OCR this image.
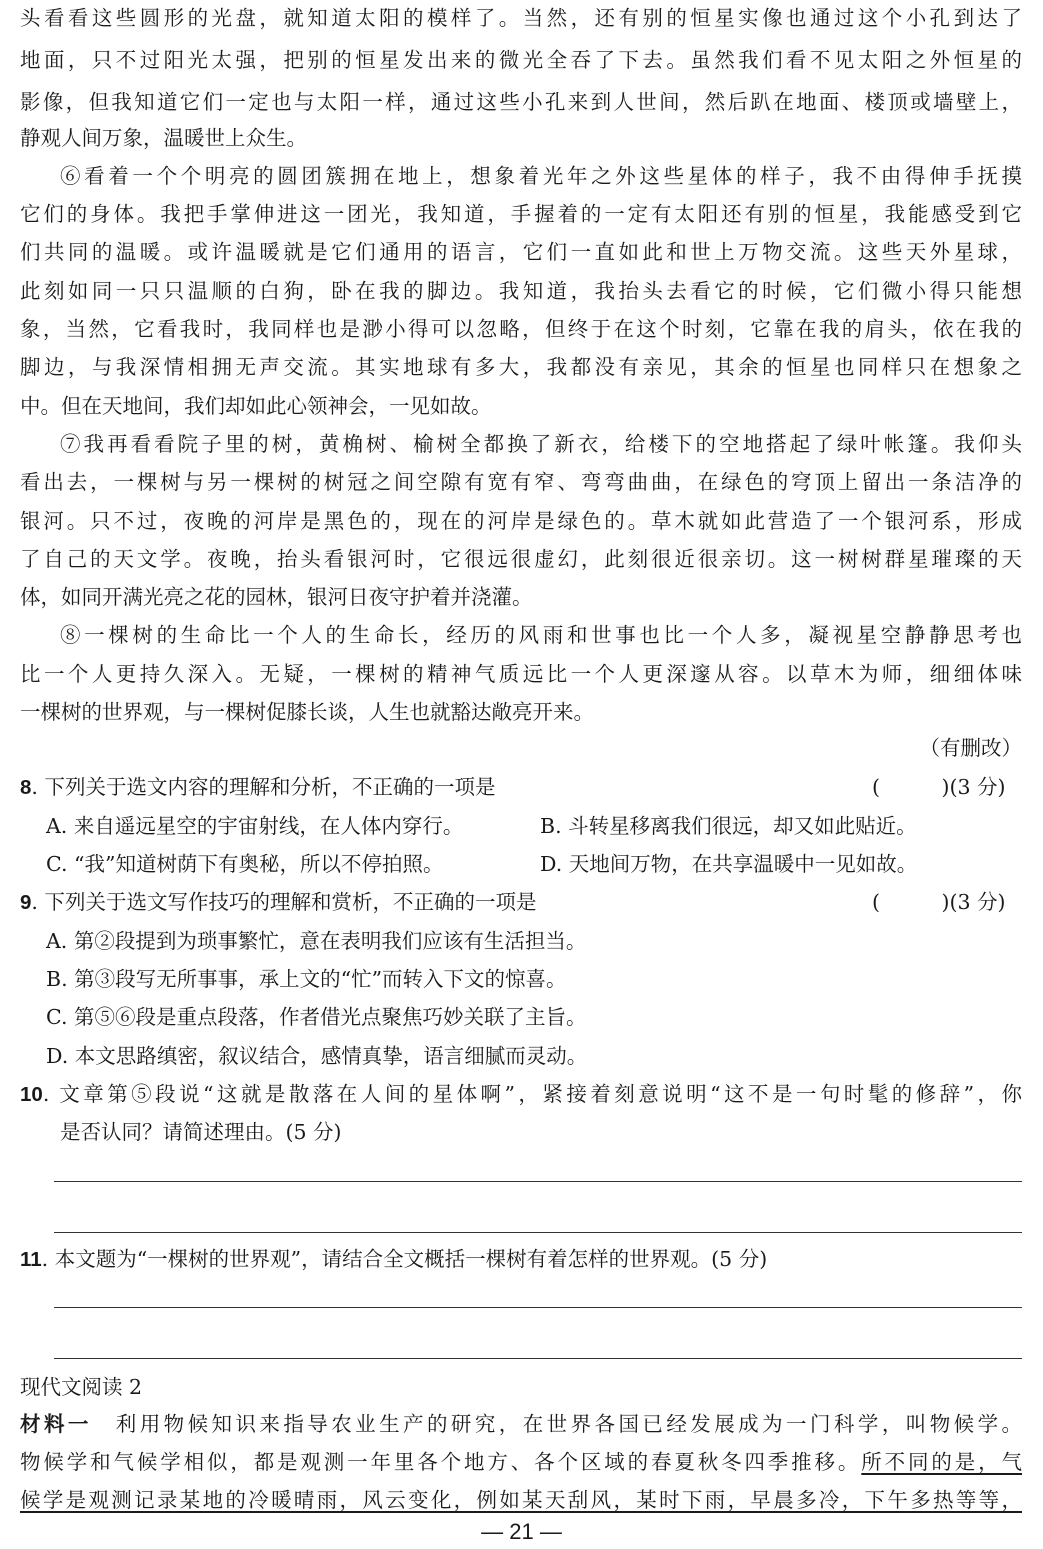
头看看这些圆形的光盘，就知道太阳的模样了。当然，还有别的恒星实像也通过这个小孔到达了
地面，只不过阳光太强，把别的恒星发出来的微光全吞了下去。虽然我们看不见太阳之外恒星的
影像，但我知道它们一定也与太阳一样，通过这些小孔来到人世间，然后趴在地面、楼顶或墙壁上，
静观人间万象，温暖世上众生。
⑥看着一个个明亮的圆团簇拥在地上，想象着光年之外这些星体的样子，我不由得伸手抚摸
它们的身体。我把手掌伸进这一团光，我知道，手握着的一定有太阳还有别的恒星，我能感受到它
们共同的温暖。或许温暖就是它们通用的语言，它们一直如此和世上万物交流。这些天外星球，
此刻如同一只只温顺的白狗，卧在我的脚边。我知道，我抬头去看它的时候，它们微小得只能想
象，当然，它看我时，我同样也是渺小得可以忽略，但终于在这个时刻，它靠在我的肩头，依在我的
脚边，与我深情相拥无声交流。其实地球有多大，我都没有亲见，其余的恒星也同样只在想象之
中。但在天地间，我们却如此心领神会，一见如故。
⑦我再看看院子里的树，黄桷树、榆树全都换了新衣，给楼下的空地搭起了绿叶帐篷。我仰头
看出去，一棵树与另一棵树的树冠之间空隙有宽有窄、弯弯曲曲，在绿色的穹顶上留出一条洁净的
银河。只不过，夜晚的河岸是黑色的，现在的河岸是绿色的。草木就如此营造了一个银河系，形成
了自己的天文学。夜晚，抬头看银河时，它很远很虚幻，此刻很近很亲切。这一树树群星璀璨的天
体，如同开满光亮之花的园林，银河日夜守护着并浇灌。
⑧一棵树的生命比一个人的生命长，经历的风雨和世事也比一个人多，凝视星空静静思考也
比一个人更持久深入。无疑，一棵树的精神气质远比一个人更深邃从容。以草木为师，细细体味
一棵树的世界观，与一棵树促膝长谈，人生也就豁达敞亮开来。
（有删改）
8. 下列关于选文内容的理解和分析，不正确的一项是	(　　　)(3 分)
A. 来自遥远星空的宇宙射线，在人体内穿行。	B. 斗转星移离我们很远，却又如此贴近。
C. “我”知道树荫下有奥秘，所以不停拍照。	D. 天地间万物，在共享温暖中一见如故。
9. 下列关于选文写作技巧的理解和赏析，不正确的一项是	(　　　)(3 分)
A. 第②段提到为琐事繁忙，意在表明我们应该有生活担当。
B. 第③段写无所事事，承上文的“忙”而转入下文的惊喜。
C. 第⑤⑥段是重点段落，作者借光点聚焦巧妙关联了主旨。
D. 本文思路缜密，叙议结合，感情真挚，语言细腻而灵动。
10. 文章第⑤段说“这就是散落在人间的星体啊”，紧接着刻意说明“这不是一句时髦的修辞”，你
是否认同？请简述理由。(5 分)
11. 本文题为“一棵树的世界观”，请结合全文概括一棵树有着怎样的世界观。(5 分)
现代文阅读 2
材料一　利用物候知识来指导农业生产的研究，在世界各国已经发展成为一门科学，叫物候学。
物候学和气候学相似，都是观测一年里各个地方、各个区域的春夏秋冬四季推移。所不同的是，气
候学是观测记录某地的冷暖晴雨，风云变化，例如某天刮风，某时下雨，早晨多冷，下午多热等等，
— 21 —
